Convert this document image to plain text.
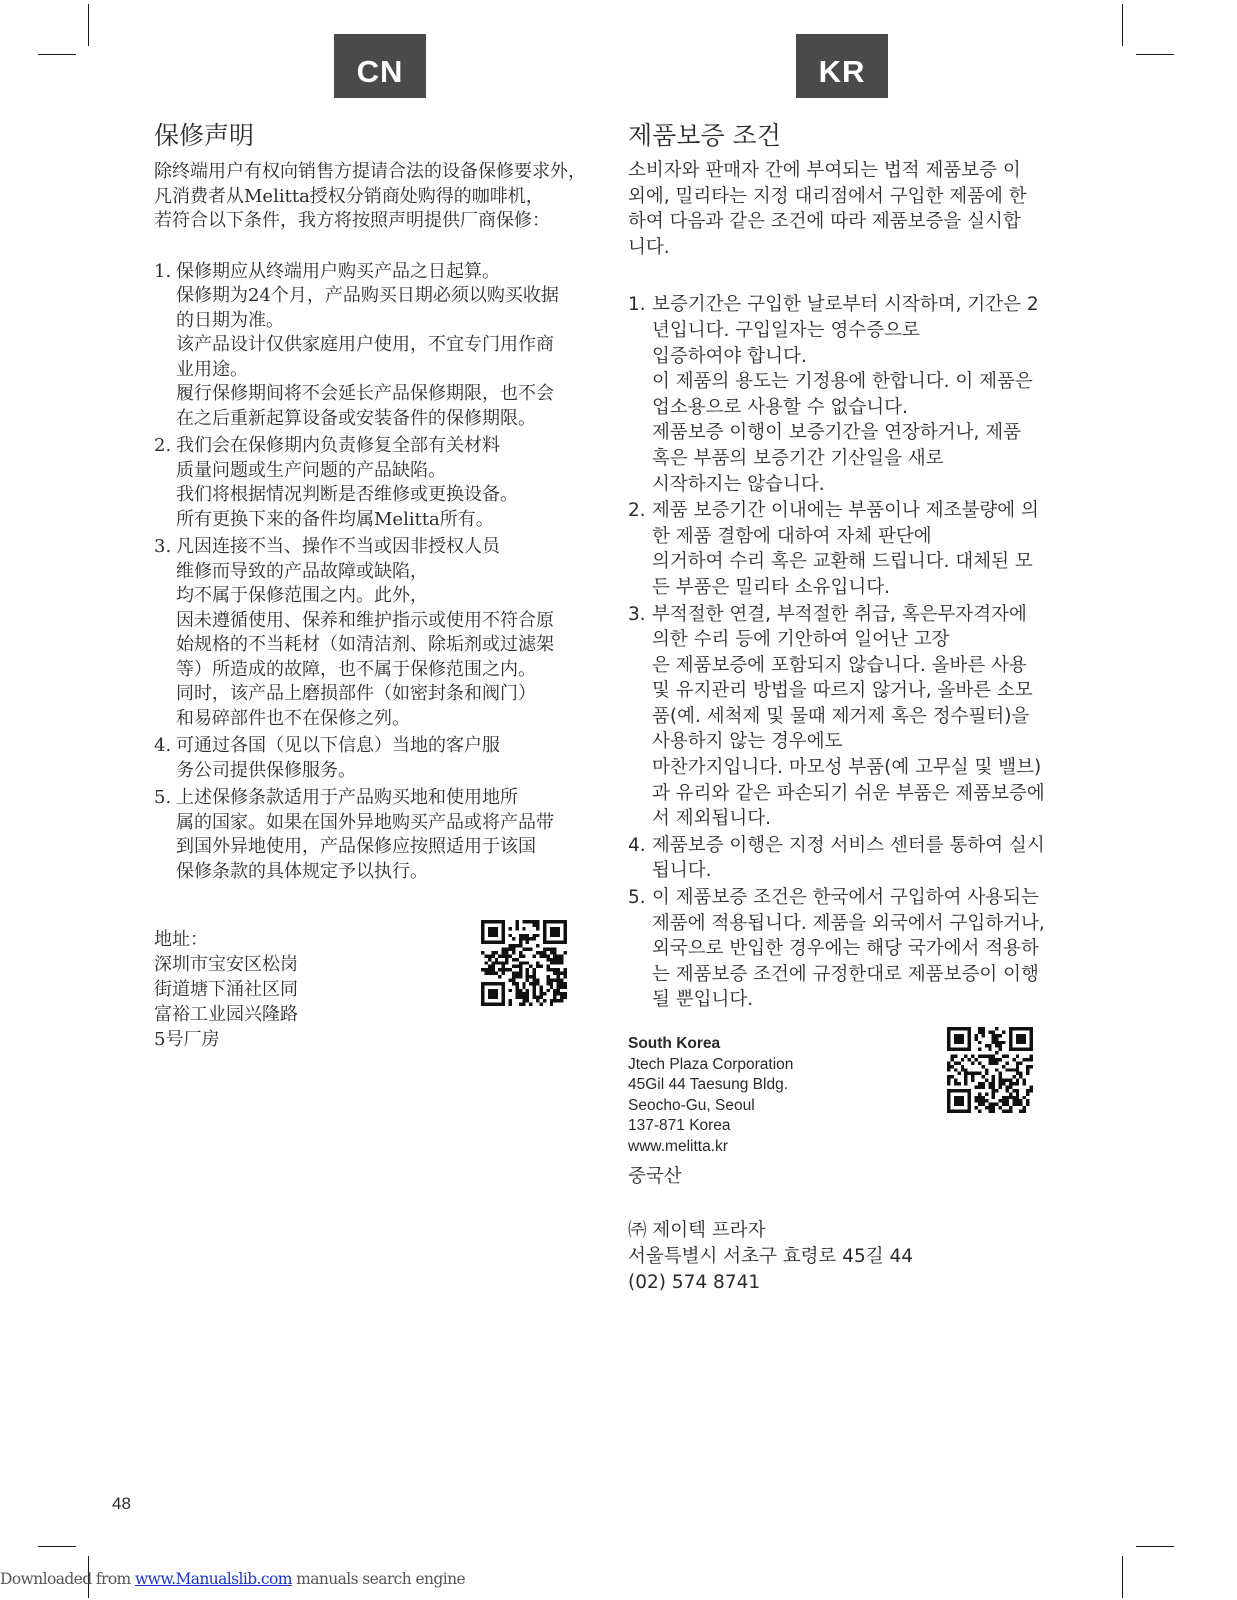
CN	KR
保修声明

除终端用户有权向销售方提请合法的设备保修要求外，
凡消费者从Melitta授权分销商处购得的咖啡机，
若符合以下条件，我方将按照声明提供厂商保修：

1. 保修期应从终端用户购买产品之日起算。
保修期为24个月，产品购买日期必须以购买收据
的日期为准。
该产品设计仅供家庭用户使用，不宜专门用作商
业用途。
履行保修期间将不会延长产品保修期限，也不会
在之后重新起算设备或安装备件的保修期限。
2. 我们会在保修期内负责修复全部有关材料
质量问题或生产问题的产品缺陷。
我们将根据情况判断是否维修或更换设备。
所有更换下来的备件均属Melitta所有。
3. 凡因连接不当、操作不当或因非授权人员
维修而导致的产品故障或缺陷，
均不属于保修范围之内。此外，
因未遵循使用、保养和维护指示或使用不符合原
始规格的不当耗材（如清洁剂、除垢剂或过滤架
等）所造成的故障，也不属于保修范围之内。
同时，该产品上磨损部件（如密封条和阀门）
和易碎部件也不在保修之列。
4. 可通过各国（见以下信息）当地的客户服
务公司提供保修服务。
5. 上述保修条款适用于产品购买地和使用地所
属的国家。如果在国外异地购买产品或将产品带
到国外异地使用，产品保修应按照适用于该国
保修条款的具体规定予以执行。
地址：
深圳市宝安区松岗
街道塘下涌社区同
富裕工业园兴隆路
5号厂房
제품보증 조건

소비자와 판매자 간에 부여되는 법적 제품보증 이
외에, 밀리타는 지정 대리점에서 구입한 제품에 한
하여 다음과 같은 조건에 따라 제품보증을 실시합
니다.

1. 보증기간은 구입한 날로부터 시작하며, 기간은 2
년입니다. 구입일자는 영수증으로
입증하여야 합니다.
이 제품의 용도는 기정용에 한합니다. 이 제품은
업소용으로 사용할 수 없습니다.
제품보증 이행이 보증기간을 연장하거나, 제품
혹은 부품의 보증기간 기산일을 새로
시작하지는 않습니다.
2. 제품 보증기간 이내에는 부품이나 제조불량에 의
한 제품 결함에 대하여 자체 판단에
의거하여 수리 혹은 교환해 드립니다. 대체된 모
든 부품은 밀리타 소유입니다.
3. 부적절한 연결, 부적절한 취급, 혹은무자격자에
의한 수리 등에 기안하여 일어난 고장
은 제품보증에 포함되지 않습니다. 올바른 사용
및 유지관리 방법을 따르지 않거나, 올바른 소모
품(예. 세척제 및 물때 제거제 혹은 정수필터)을
사용하지 않는 경우에도
마찬가지입니다. 마모성 부품(예 고무실 및 밸브)
과 유리와 같은 파손되기 쉬운 부품은 제품보증에
서 제외됩니다.
4. 제품보증 이행은 지정 서비스 센터를 통하여 실시
됩니다.
5. 이 제품보증 조건은 한국에서 구입하여 사용되는
제품에 적용됩니다. 제품을 외국에서 구입하거나,
외국으로 반입한 경우에는 해당 국가에서 적용하
는 제품보증 조건에 규정한대로 제품보증이 이행
될 뿐입니다.
South Korea
Jtech Plaza Corporation
45Gil 44 Taesung Bldg.
Seocho-Gu, Seoul
137-871 Korea
www.melitta.kr
중국산
㈜ 제이텍 프라자
서울특별시 서초구 효령로 45길 44
(02) 574 8741
48
Downloaded from www.Manualslib.com manuals search engine
